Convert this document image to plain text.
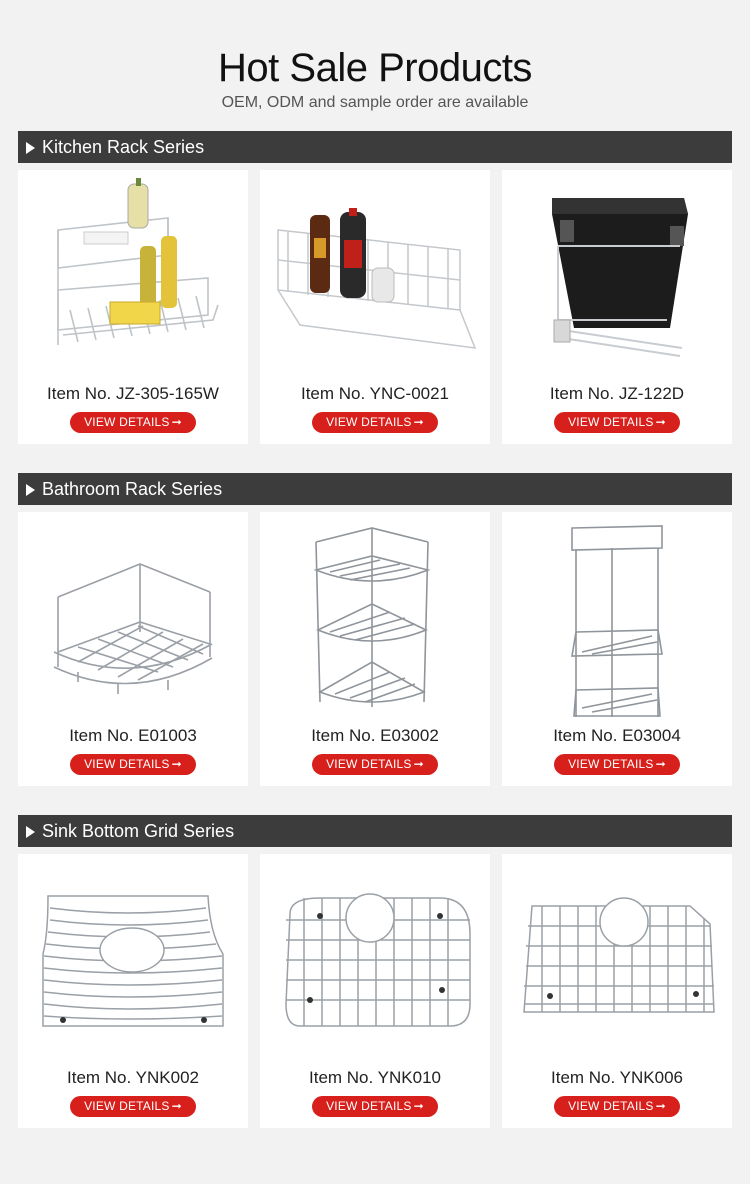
Hot Sale Products

OEM, ODM and sample order are available

Kitchen Rack Series
Item No. JZ-305-165W
VIEW DETAILS ➞
Item No. YNC-0021
VIEW DETAILS ➞
Item No. JZ-122D
VIEW DETAILS ➞
Bathroom Rack Series
Item No. E01003
VIEW DETAILS ➞
Item No. E03002
VIEW DETAILS ➞
Item No. E03004
VIEW DETAILS ➞
Sink Bottom Grid Series
Item No. YNK002
VIEW DETAILS ➞
Item No. YNK010
VIEW DETAILS ➞
Item No. YNK006
VIEW DETAILS ➞
